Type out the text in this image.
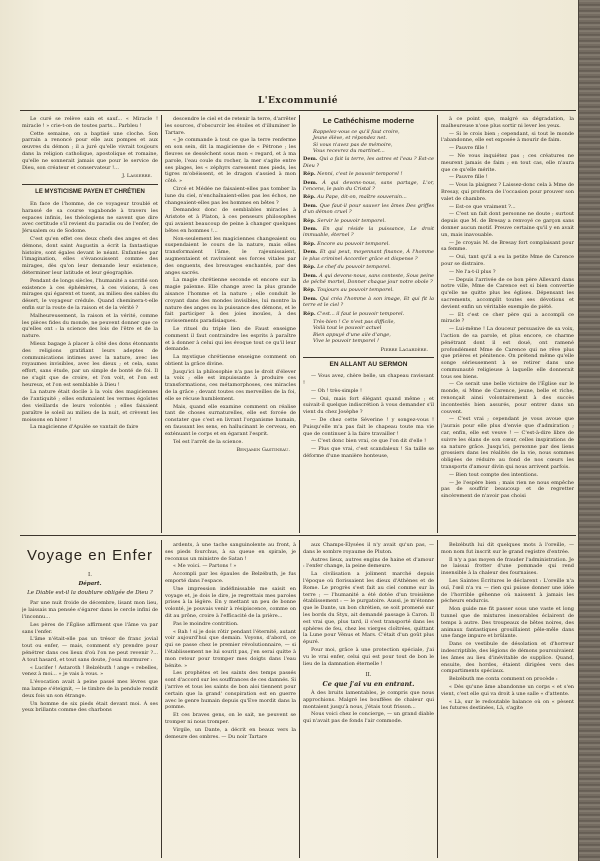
L'Excommunié

Le curé se relève sain et sauf... « Miracle ! miracle ! » crie-t-on de toutes parts... Parbleu !

Cette semaine, on a baptisé une cloche. Son parrain a renoncé pour elle aux pompes et aux œuvres du démon ; il a juré qu'elle vivrait toujours dans la religion catholique, apostolique et romaine, qu'elle ne sonnerait jamais que pour le service de Dieu, son créateur et conservateur !...

J. Lasserre.
LE MYSTICISME PAYEN ET CHRÉTIEN

En face de l'homme, de ce voyageur troublé et harassé de sa course vagabonde à travers les espaces infinis, les théologiens ne savent que dire avec certitude s'il revient du paradis ou de l'enfer, de Jérusalem ou de Sodome.

C'est qu'en effet ces deux chefs des anges et des démons, dont saint Augustin a écrit la fantastique histoire, sont égales devant le néant. Enfantées par l'imagination, elles s'évanouissent comme des mirages, dès qu'on leur demande leur existence, déterminer leur latitude et leur géographie.

Pendant de longs siècles, l'humanité a sacrifié son existence à ces éphémères, à ces visions, à ces mirages qui égarent et tuent, au milieu des sables du désert, le voyageur crédule. Quand cheminera-t-elle enfin sur la route de la raison et de la vérité ?

Malheureusement, la raison et la vérité, comme les pièces fides du monde, ne peuvent donner que ce qu'elles ont : la science des lois de l'être et de la nature.

Mieux bagage à placer à côté des dons étonnants des religions gratifiant leurs adeptes de communications intimes avec la nature, avec les royaumes invisibles, avec les dieux ; et cela, sans effort, sans étude, par un simple de bonté de foi. Il ne s'agit que de croire, et l'on voit, et l'on est heureux, et l'on est semblable à Dieu !

La nature était docile à la voix des magiciennes de l'antiquité ; elles enfumaient les vermes égoïstes des vieillards de leurs volontés ; elles faisaient paraître le soleil au milieu de la nuit, et crèvent les moissons en hiver !

La magicienne d'Apulée se vantait de faire

descendre le ciel et de retenir la terre, d'arrêter les sources, d'obscurcir les étoiles et d'illuminer le Tartare.

« Je commande à tout ce que la terre renferme en son sein, dit la magicienne de « Pétrone ; les fleuves se dessèchent sous mon « regard, et à ma parole, l'eau coule du rocher, la mer s'agite entre ses plages, les « zéphyrs caressent mes pieds, les tigres m'obéissent, et le dragon s'assied à mon côté. »

Circé et Médée ne faisaient-elles pas tomber la lune du ciel, n'enchaînaient-elles pas les échos, ne changeaient-elles pas les hommes en bêtes ?

Demandez donc de semblables miracles à Aristote et à Platon, à ces penseurs philosophes qui avaient beaucoup de peine à changer quelques bêtes en hommes !...

Non-seulement les magiciennes changeaient ou suspendaient le cours de la nature, mais elles transformaient l'âme, le rajeunissaient, augmentaient et ravivaient ses forces vitales par des onguents, des breuvages enchantés, par des anges sacrés.

La magie chrétienne seconde et encore sur la magie païenne. Elle change avec la plus grande aisance l'homme et la nature ; elle conduit le croyant dans des mondes invisibles, lui montre la nature des anges ou la puissance des démons, et le fait participer à des joies inouïes, à des ravissements paradisiaques.

Le rituel du triple lien de Faust enseigne comment il faut contraindre les esprits à paraître et à donner à celui qui les évoque tout ce qu'il leur demande.

La mystique chrétienne enseigne comment on obtient la grâce divine.

Jusqu'ici la philosophie n'a pas le droit d'élever la voix ; elle est impuissante à produire ces transformations, ces métamorphoses, ces miracles de la grâce ; devant toutes ces merveilles de la foi, elle se récuse humblement.

Mais, quand elle examine comment on réalise tant de choses surnaturelles, elle est forcée de constater que c'est en livrant l'organisme humain, en faussant les sens, en hallucinant le cerveau, en exténuant le corps et en égarant l'esprit.

Tel est l'arrêt de la science.

Benjamin Gastineau.
Le Cathéchisme moderne
Rappelez-vous ce qu'il faut croire,
Jeune élève, et répondez net.
Si vous n'avez pas de mémoire,
Vous recevrez du martinet...
Dem. Qui a fait la terre, les astres et l'eau ? Est-ce Dieu ?
Rép. Nenni, c'est le pouvoir temporel !
Dem. À qui devons-nous, sans partage, L'or, l'encens, le pain du Cristal ?
Rép. Au Pape, dit-on, maître souverain...
Dem. Que faut-il pour sauver les âmes Des griffes d'un démon cruel ?
Rép. Servir le pouvoir temporel.
Dem. En qui réside la puissance, Le droit immuable, éternel ?
Rép. Encore au pouvoir temporel.
Dem. Et qui peut, moyennant finance, À l'homme le plus criminel Accorder grâce et dispense ?
Rép. Le chef du pouvoir temporel.
Dem. À qui devons-nous, sans conteste, Sous peine de péché mortel, Donner chaque jour notre obole ?
Rép. Toujours au pouvoir temporel.
Dem. Qui créa l'homme à son image, Et qui fit la terre et le ciel ?
Rép. C'est... il faut le pouvoir temporel.
Très-bien ! Ce n'est pas difficile,
Voilà tout le pouvoir actuel
Bien appuyé d'une aile d'ange,
Vive le pouvoir temporel !
Pierre Lagardère.
EN ALLANT AU SERMON

— Vous avez, chère belle, un chapeau ravissant !

— Oh ! très-simple !

— Oui, mais fort élégant quand même ; et suivait-il quelque indiscrétion à vous demander s'il vient du chez Josèphe ?

— De chez cette Séverine ! y songez-vous ! Puisqu'elle m'a pas fait le chapeau toute ma vie que de continuer à la faire travailler !

— C'est donc bien vrai, ce que l'on dit d'elle !

— Plus que vrai, c'est scandaleux ! Sa taille se déforme d'une manière honteuse,

à ce point que, malgré sa dégradation, la malheureuse n'ose plus sortir ni lever les yeux.

— Si le crois bien ; cependant, si tout le monde l'abandonne, elle est exposée à mourir de faim.

— Pauvre fille !

— Ne vous inquiétez pas ; ces créatures ne meurent jamais de faim ; en tout cas, elle n'aura que ce qu'elle mérite.

— Pauvre fille !

— Vous la plaignez ? Laissez-donc cela à Mme de Bresay, qui profitera de l'occasion pour prouver son valet de chambre.

— Est-ce que vraiment ?...

— C'est un fait dont personne ne doute ; surtout depuis que M. de Bresay a renvoyé ce garçon sans donner aucun motif. Preuve certaine qu'il y en avait un, mais inavouable.

— Je croyais M. de Bresay fort complaisant pour sa femme.

— Oui, tant qu'il a eu la petite Mme de Carence pour se distraire.

— Ne l'a-t-il plus ?

— Depuis l'arrivée de ce bon père Allevard dans notre ville, Mme de Carence est si bien convertie qu'elle ne quitte plus les églises. Dépensant les sacrements, accomplit toutes ses dévotions et devient enfin un véritable exemple de piété.

— Et c'est ce cher père qui a accompli ce miracle ?

— Lui-même ! La douceur persuasive de sa voix, l'action de sa parole, et plus encore, ce charme pénétrant dont il est doué, ont ramené profondément Mme de Carence qui ne rêve plus que prières et pénitence. On prétend même qu'elle songe sérieusement à se retirer dans une communauté religieuse à laquelle elle donnerait tous ses biens.

— Ce serait une belle victoire de l'Église sur le monde, si Mme de Carence, jeune, belle et riche, renonçait ainsi volontairement à des succès incontestés bien assurés, pour entrer dans un couvent.

— C'est vrai ; cependant je vous avoue que j'aurais pour elle plus d'envie que d'admiration ; car, enfin, elle est veuve ! — C'est-à-dire libre de suivre les élans de son cœur, celles inspirations de sa nature grâce. Jusqu'ici, personne par des liens grossiers dans les réalités de la vie, nous sommes obligées de réduire au fond de nos cœurs les transports d'amour divin qui nous arrivent parfois.

— Bien tout compte des intentions.

— Je l'espère bien ; mais rien ne nous empêche pas de souffrir beaucoup et de regretter sincèrement de n'avoir pas choisi

Voyage en Enfer
I.
Départ.
Le Diable est-il la doublure obligée de Dieu ?

Par une nuit froide de décembre, lisant mon lieu, je laissais ma pensée s'égarer dans le cercle infini de l'inconnu...

Les pères de l'Église affirment que l'âme va par sans l'enfer.

L'âme n'était-elle pas un trésor de franc jovial tout ou enfer, — mais, comment s'y prendre pour pénétrer dans ces lieux d'où l'on ne peut revenir ?... A tout hasard, et tout sans doute, j'osai murmurer :

« Lucifer ! Astaroth ! Belzébuth ! ange « rebelles, venez à moi... » je vais à vous. »

L'évocation avait à peine passé mes lèvres que ma lampe s'éteignit, — le timbre de la pendule rendit deux fois un son étrange.

Un homme de six pieds était devant moi. À ses yeux brillants comme des charbons

ardents, à une tache sanguinolente au front, à ses pieds fourchus, à sa queue en spirale, je reconnus un ministre de Satan !

« Me voici. — Partons ! »

Accompli par les épaules de Belzébuth, je fus emporté dans l'espace.

Une impression indéfinissable me saisit en voyage et, je dois le dire, je regrettais mes paroles prises à la légère. En y mettant un peu de bonne volonté, je pouvais venir à résipiscence, comme on dit au prône, croire à l'efficacité de la prière...

Pas le moindre contrition.

« Bah ! si je dois rôtir pendant l'éternité, autant voir aujourd'hui que demain. Voyons, d'abord, ce qui se passe chez le premier révolutionnaire, — si l'établissement ne lui sourit pas, j'en serai quitte à mon retour pour tromper mes doigts dans l'eau bénite. »

Les prophètes et les saints des temps passés sont d'accord sur les souffrances de ces damnés. Si j'arrive et tous les saints de bon aloi tiennent pour certain que la grand' conspiration est en guerre avec le genre humain depuis qu'Eve mordit dans la pomme.

Et ces braves gens, on le sait, ne peuvent se tromper ni nous tromper.

Virgile, un Dante, a décrit en beaux vers la demeure des ombres. — Du noir Tartare

aux Champs-Élysées il n'y avait qu'un pas, — dans le sombre royaume de Pluton.

Autres lieux, autres engins de haine et d'amour : l'enfer change, la peine demeure.

La civilisation a joliment marché depuis l'époque où florissaient les dieux d'Athènes et de Rome. Le progrès s'est fait au ciel comme sur la terre ; — l'humanité a été dotée d'un troisième établissement : — le purgatoire. Aussi, je m'étonne que le Dante, un bon chrétien, se soit promené sur les bords du Styx, ait demandé passage à Caron. Il est vrai que, plus tard, il s'est transporté dans les sphères de feu, chez les vierges cloîtrées, quittant la Lune pour Vénus et Mars. C'était d'un goût plus épuré.

Pour moi, grâce à une protection spéciale, j'ai vu le vrai enfer, celui qui est pour tout de bon le lieu de la damnation éternelle !

II.
Ce que j'ai vu en entrant.

À des bruits lamentables, je compris que nous approchions. Malgré les bouffées de chaleur qui montaient jusqu'à nous, j'étais tout frisson...

Nous voici chez le concierge, — un grand diable qui n'avait pas de fonds l'air commode.

Belzébuth lui dit quelques mots à l'oreille, — mon nom fut inscrit sur le grand registre d'entrée.

Il n'y a pas moyen de frauder l'administration. Je ne laissai frotter d'une pommade qui rend insensible à la chaleur des fournaises.

Les Saintes Écritures le déclarent : L'oreille n'a ouï, l'œil n'a vu — rien qui puisse donner une idée de l'horrible géhenne où naissent à jamais les pécheurs endurcis.

Mon guide me fit passer sous une vaste et long tunnel que de mixtures inexorables éclairent de temps à autre. Des troupeaux de bêtes noires, des animaux fantastiques grouillaient pêle-mêle dans une fange impure et brûlante.

Dans ce vestibule de désolation et d'horreur indescriptible, des légions de démons poursuivaient les âmes au lieu d'inévitable de supplice. Quand, ensuite, des hordes, étaient dirigées vers des compartiments spéciaux.

Belzébuth me conta comment on procède :

« Dès qu'une âme abandonne un corps « et s'en vient, c'est elle qui va droit à une salle « d'attente.

« Là, sur le redoutable balance où on « pèsent les futures destinées, Là, s'agite
